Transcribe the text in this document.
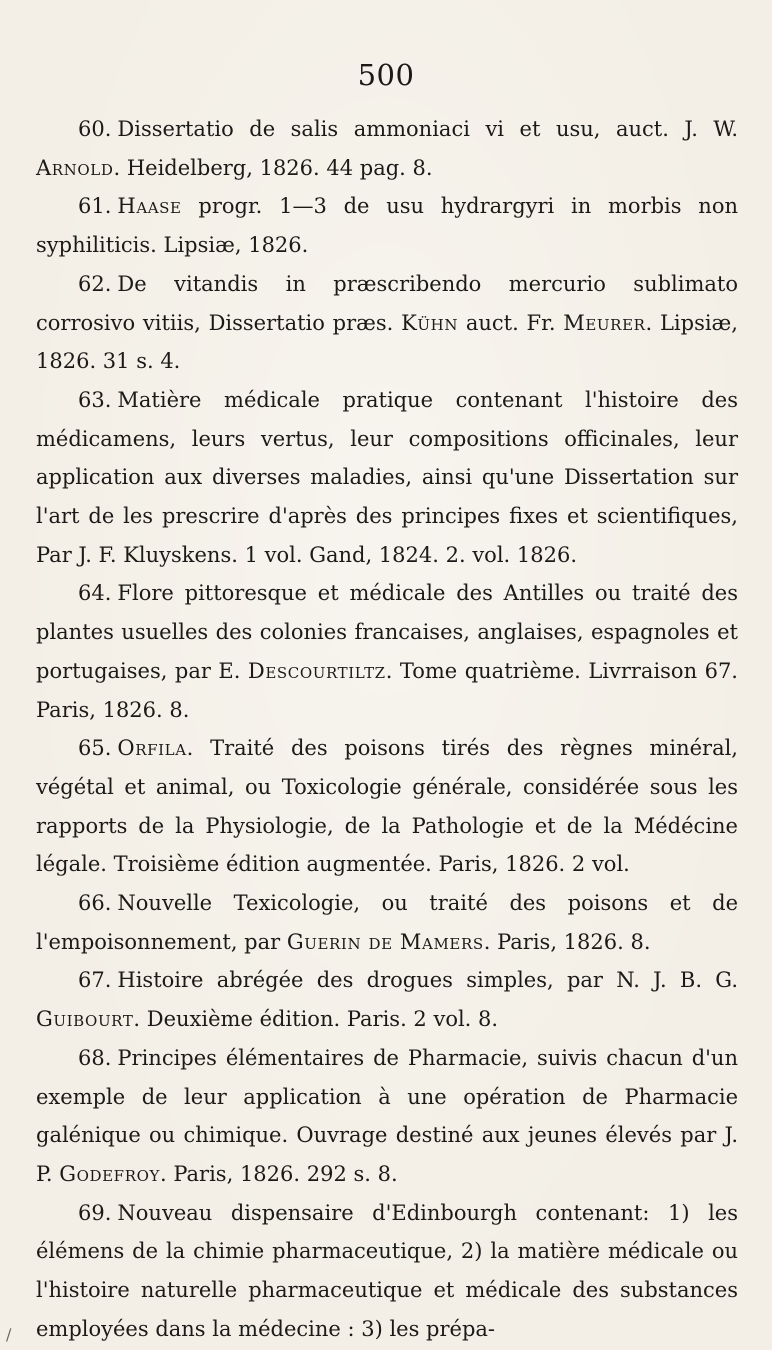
500

60. Dissertatio de salis ammoniaci vi et usu, auct. J. W. Arnold. Heidelberg, 1826. 44 pag. 8.

61. Haase progr. 1—3 de usu hydrargyri in morbis non syphiliticis. Lipsiæ, 1826.

62. De vitandis in præscribendo mercurio sublimato corrosivo vitiis, Dissertatio præs. Kühn auct. Fr. Meurer. Lipsiæ, 1826. 31 s. 4.

63. Matière médicale pratique contenant l'histoire des médicamens, leurs vertus, leur compositions officinales, leur application aux diverses maladies, ainsi qu'une Dissertation sur l'art de les prescrire d'après des principes fixes et scientifiques, Par J. F. Kluyskens. 1 vol. Gand, 1824. 2. vol. 1826.

64. Flore pittoresque et médicale des Antilles ou traité des plantes usuelles des colonies francaises, anglaises, espagnoles et portugaises, par E. Descourtiltz. Tome quatrième. Livrraison 67. Paris, 1826. 8.

65. Orfila. Traité des poisons tirés des règnes minéral, végétal et animal, ou Toxicologie générale, considérée sous les rapports de la Physiologie, de la Pathologie et de la Médécine légale. Troisième édition augmentée. Paris, 1826. 2 vol.

66. Nouvelle Texicologie, ou traité des poisons et de l'empoisonnement, par Guerin de Mamers. Paris, 1826. 8.

67. Histoire abrégée des drogues simples, par N. J. B. G. Guibourt. Deuxième édition. Paris. 2 vol. 8.

68. Principes élémentaires de Pharmacie, suivis chacun d'un exemple de leur application à une opération de Pharmacie galénique ou chimique. Ouvrage destiné aux jeunes élevés par J. P. Godefroy. Paris, 1826. 292 s. 8.

69. Nouveau dispensaire d'Edinbourgh contenant: 1) les élémens de la chimie pharmaceutique, 2) la matière médicale ou l'histoire naturelle pharmaceutique et médicale des substances employées dans la médecine : 3) les prépa-

∕
